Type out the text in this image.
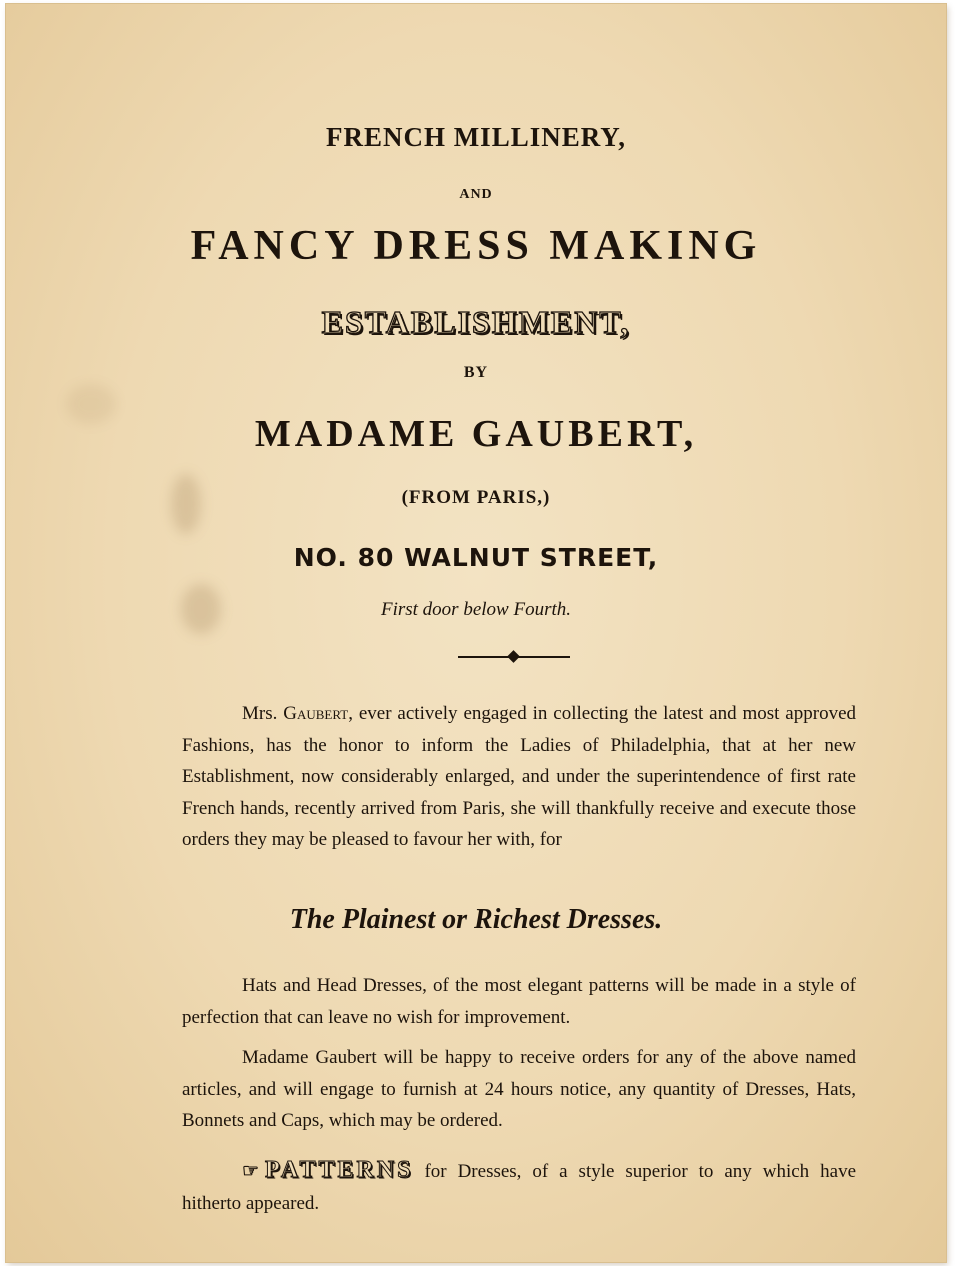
FRENCH MILLINERY,
AND
FANCY DRESS MAKING
ESTABLISHMENT,
BY
MADAME GAUBERT,
(FROM PARIS,)
NO. 80 WALNUT STREET,
First door below Fourth.
Mrs. Gaubert, ever actively engaged in collecting the latest and most approved Fashions, has the honor to inform the Ladies of Philadelphia, that at her new Establishment, now considerably enlarged, and under the superintendence of first rate French hands, recently arrived from Paris, she will thankfully receive and execute those orders they may be pleased to favour her with, for
The Plainest or Richest Dresses.
Hats and Head Dresses, of the most elegant patterns will be made in a style of perfection that can leave no wish for improvement.
Madame Gaubert will be happy to receive orders for any of the above named articles, and will engage to furnish at 24 hours notice, any quantity of Dresses, Hats, Bonnets and Caps, which may be ordered.
☞ PATTERNS for Dresses, of a style superior to any which have hitherto appeared.
